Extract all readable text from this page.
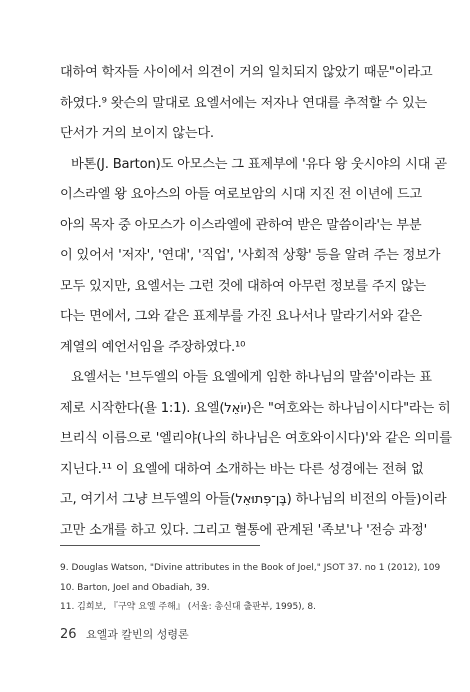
대하여 학자들 사이에서 의견이 거의 일치되지 않았기 때문"이라고
하였다.⁹ 왓슨의 말대로 요엘서에는 저자나 연대를 추적할 수 있는
단서가 거의 보이지 않는다.
바톤(J. Barton)도 아모스는 그 표제부에 '유다 왕 웃시야의 시대 곧
이스라엘 왕 요아스의 아들 여로보암의 시대 지진 전 이년에 드고
아의 목자 중 아모스가 이스라엘에 관하여 받은 말씀이라'는 부분
이 있어서 '저자', '연대', '직업', '사회적 상황' 등을 알려 주는 정보가
모두 있지만, 요엘서는 그런 것에 대하여 아무런 정보를 주지 않는
다는 면에서, 그와 같은 표제부를 가진 요나서나 말라기서와 같은
계열의 예언서임을 주장하였다.¹⁰
요엘서는 '브두엘의 아들 요엘에게 임한 하나님의 말씀'이라는 표
제로 시작한다(욜 1:1). 요엘(יוֹאֵל)은 "여호와는 하나님이시다"라는 히
브리식 이름으로 '엘리야(나의 하나님은 여호와이시다)'와 같은 의미를
지닌다.¹¹ 이 요엘에 대하여 소개하는 바는 다른 성경에는 전혀 없
고, 여기서 그냥 브두엘의 아들(בֶּן־פְּתוּאֵל) 하나님의 비전의 아들)이라
고만 소개를 하고 있다. 그리고 혈통에 관계된 '족보'나 '전승 과정'
9. Douglas Watson, "Divine attributes in the Book of Joel," JSOT 37. no 1 (2012), 109
10. Barton, Joel and Obadiah, 39.
11. 김희보, 『구약 요엘 주해』 (서울: 총신대 출판부, 1995), 8.
26 요엘과 칼빈의 성령론
